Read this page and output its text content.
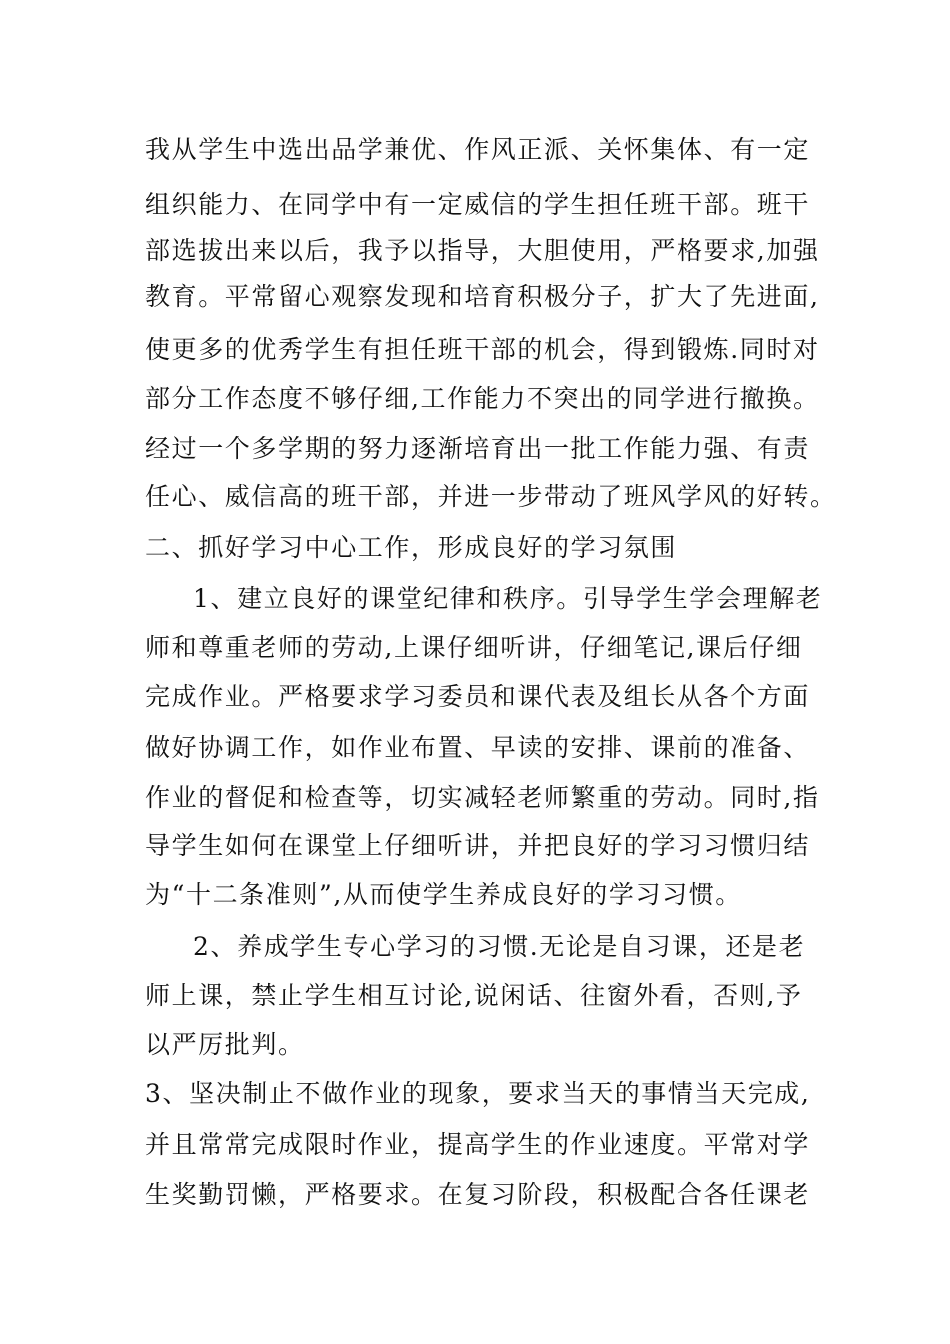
我从学生中选出品学兼优、作风正派、关怀集体、有一定
组织能力、在同学中有一定威信的学生担任班干部。班干
部选拔出来以后，我予以指导，大胆使用，严格要求,加强
教育。平常留心观察发现和培育积极分子，扩大了先进面,
使更多的优秀学生有担任班干部的机会，得到锻炼.同时对
部分工作态度不够仔细,工作能力不突出的同学进行撤换。
经过一个多学期的努力逐渐培育出一批工作能力强、有责
任心、威信高的班干部，并进一步带动了班风学风的好转。
二、抓好学习中心工作，形成良好的学习氛围
1、建立良好的课堂纪律和秩序。引导学生学会理解老
师和尊重老师的劳动,上课仔细听讲，仔细笔记,课后仔细
完成作业。严格要求学习委员和课代表及组长从各个方面
做好协调工作，如作业布置、早读的安排、课前的准备、
作业的督促和检查等，切实减轻老师繁重的劳动。同时,指
导学生如何在课堂上仔细听讲，并把良好的学习习惯归结
为“十二条准则”,从而使学生养成良好的学习习惯。
2、养成学生专心学习的习惯.无论是自习课，还是老
师上课，禁止学生相互讨论,说闲话、往窗外看，否则,予
以严厉批判。
3、坚决制止不做作业的现象，要求当天的事情当天完成,
并且常常完成限时作业，提高学生的作业速度。平常对学
生奖勤罚懒，严格要求。在复习阶段，积极配合各任课老
